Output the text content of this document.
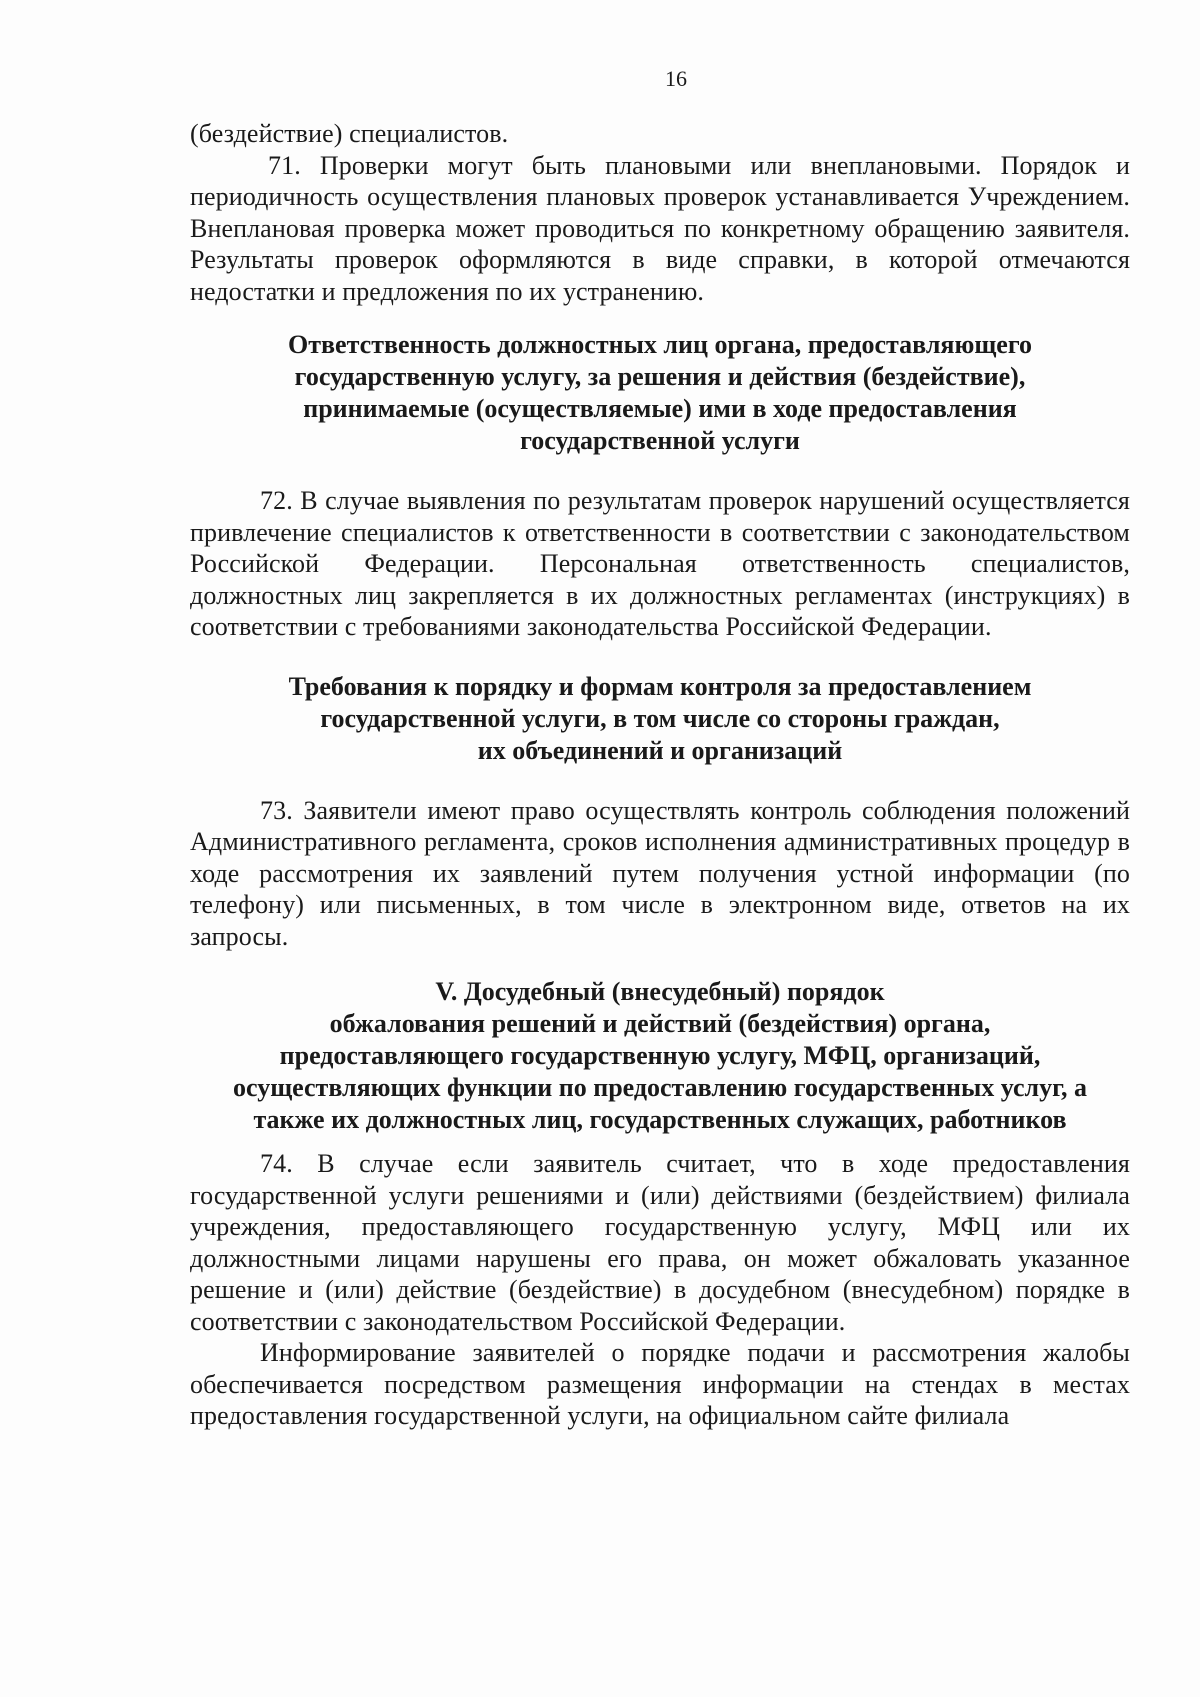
16

(бездействие) специалистов.

71. Проверки могут быть плановыми или внеплановыми. Порядок и периодичность осуществления плановых проверок устанавливается Учреждением. Внеплановая проверка может проводиться по конкретному обращению заявителя. Результаты проверок оформляются в виде справки, в которой отмечаются недостатки и предложения по их устранению.

Ответственность должностных лиц органа, предоставляющего
государственную услугу, за решения и действия (бездействие),
принимаемые (осуществляемые) ими в ходе предоставления
государственной услуги

72. В случае выявления по результатам проверок нарушений осуществляется привлечение специалистов к ответственности в соответствии с законодательством Российской Федерации. Персональная ответственность специалистов, должностных лиц закрепляется в их должностных регламентах (инструкциях) в соответствии с требованиями законодательства Российской Федерации.

Требования к порядку и формам контроля за предоставлением
государственной услуги, в том числе со стороны граждан,
их объединений и организаций

73. Заявители имеют право осуществлять контроль соблюдения положений Административного регламента, сроков исполнения административных процедур в ходе рассмотрения их заявлений путем получения устной информации (по телефону) или письменных, в том числе в электронном виде, ответов на их запросы.

V. Досудебный (внесудебный) порядок
обжалования решений и действий (бездействия) органа,
предоставляющего государственную услугу, МФЦ, организаций,
осуществляющих функции по предоставлению государственных услуг, а
также их должностных лиц, государственных служащих, работников

74. В случае если заявитель считает, что в ходе предоставления государственной услуги решениями и (или) действиями (бездействием) филиала учреждения, предоставляющего государственную услугу, МФЦ или их должностными лицами нарушены его права, он может обжаловать указанное решение и (или) действие (бездействие) в досудебном (внесудебном) порядке в соответствии с законодательством Российской Федерации.

Информирование заявителей о порядке подачи и рассмотрения жалобы обеспечивается посредством размещения информации на стендах в местах предоставления государственной услуги, на официальном сайте филиала
